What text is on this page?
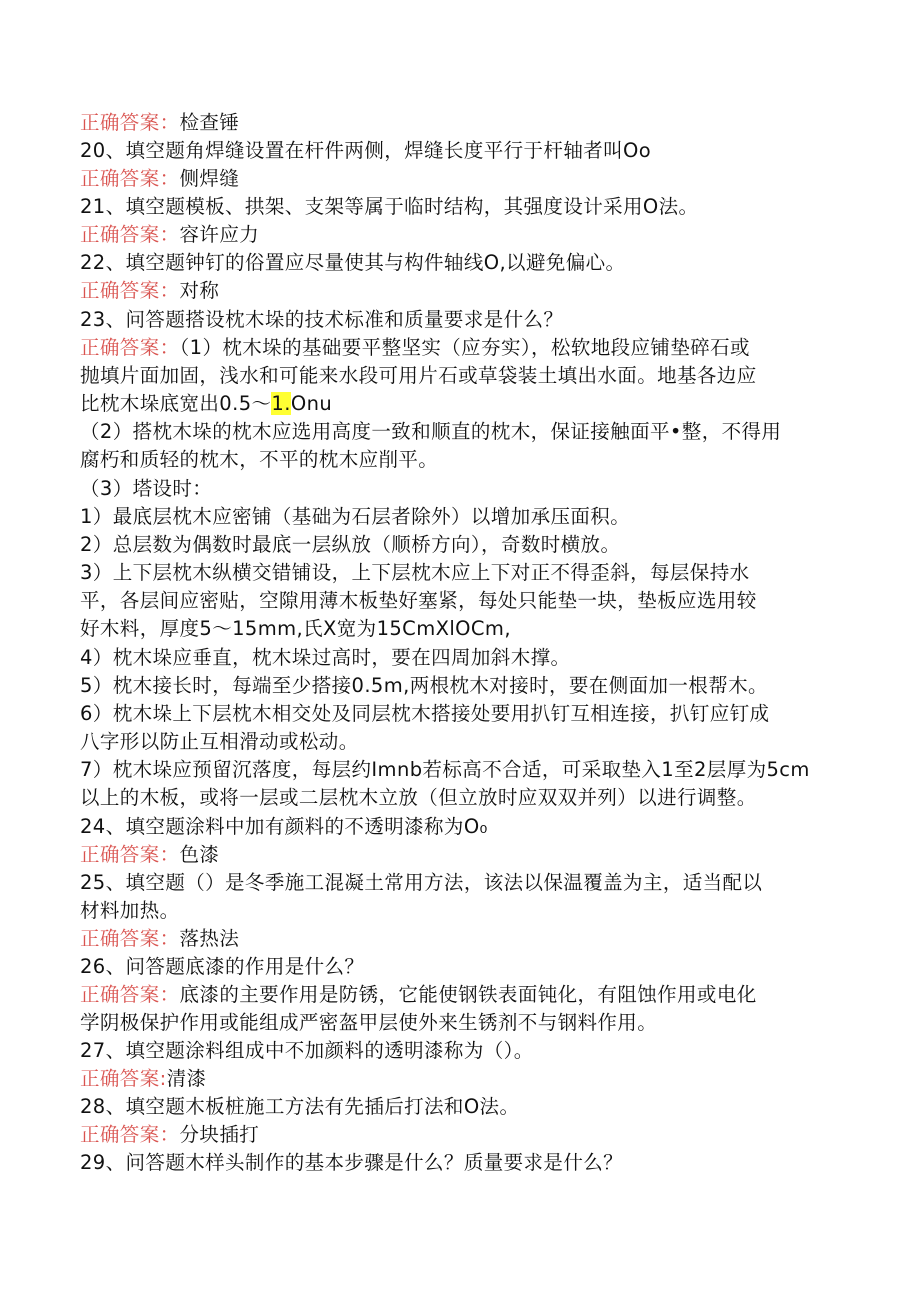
正确答案：检查锤
20、填空题角焊缝设置在杆件两侧，焊缝长度平行于杆轴者叫Oo
正确答案：侧焊缝
21、填空题模板、拱架、支架等属于临时结构，其强度设计采用O法。
正确答案：容许应力
22、填空题钟钉的俗置应尽量使其与构件轴线O,以避免偏心。
正确答案：对称
23、问答题搭设枕木垛的技术标准和质量要求是什么？
正确答案：（1）枕木垛的基础要平整坚实（应夯实），松软地段应铺垫碎石或
抛填片面加固，浅水和可能来水段可用片石或草袋装土填出水面。地基各边应
比枕木垛底宽出0.5～1.Onu
（2）搭枕木垛的枕木应选用高度一致和顺直的枕木，保证接触面平•整，不得用
腐朽和质轻的枕木，不平的枕木应削平。
（3）塔设时：
1）最底层枕木应密铺（基础为石层者除外）以增加承压面积。
2）总层数为偶数时最底一层纵放（顺桥方向），奇数时横放。
3）上下层枕木纵横交错铺设，上下层枕木应上下对正不得歪斜，每层保持水
平，各层间应密贴，空隙用薄木板垫好塞紧，每处只能垫一块，垫板应选用较
好木料，厚度5～15mm,氏X宽为15CmXlOCm,
4）枕木垛应垂直，枕木垛过高时，要在四周加斜木撑。
5）枕木接长时，每端至少搭接0.5m,两根枕木对接时，要在侧面加一根帮木。
6）枕木垛上下层枕木相交处及同层枕木搭接处要用扒钉互相连接，扒钉应钉成
八字形以防止互相滑动或松动。
7）枕木垛应预留沉落度，每层约Imnb若标高不合适，可采取垫入1至2层厚为5cm
以上的木板，或将一层或二层枕木立放（但立放时应双双并列）以进行调整。
24、填空题涂料中加有颜料的不透明漆称为O₀
正确答案：色漆
25、填空题（）是冬季施工混凝土常用方法，该法以保温覆盖为主，适当配以
材料加热。
正确答案：落热法
26、问答题底漆的作用是什么？
正确答案：底漆的主要作用是防锈，它能使钢铁表面钝化，有阻蚀作用或电化
学阴极保护作用或能组成严密盔甲层使外来生锈剂不与钢料作用。
27、填空题涂料组成中不加颜料的透明漆称为（）。
正确答案:清漆
28、填空题木板桩施工方法有先插后打法和O法。
正确答案：分块插打
29、问答题木样头制作的基本步骤是什么？质量要求是什么？
